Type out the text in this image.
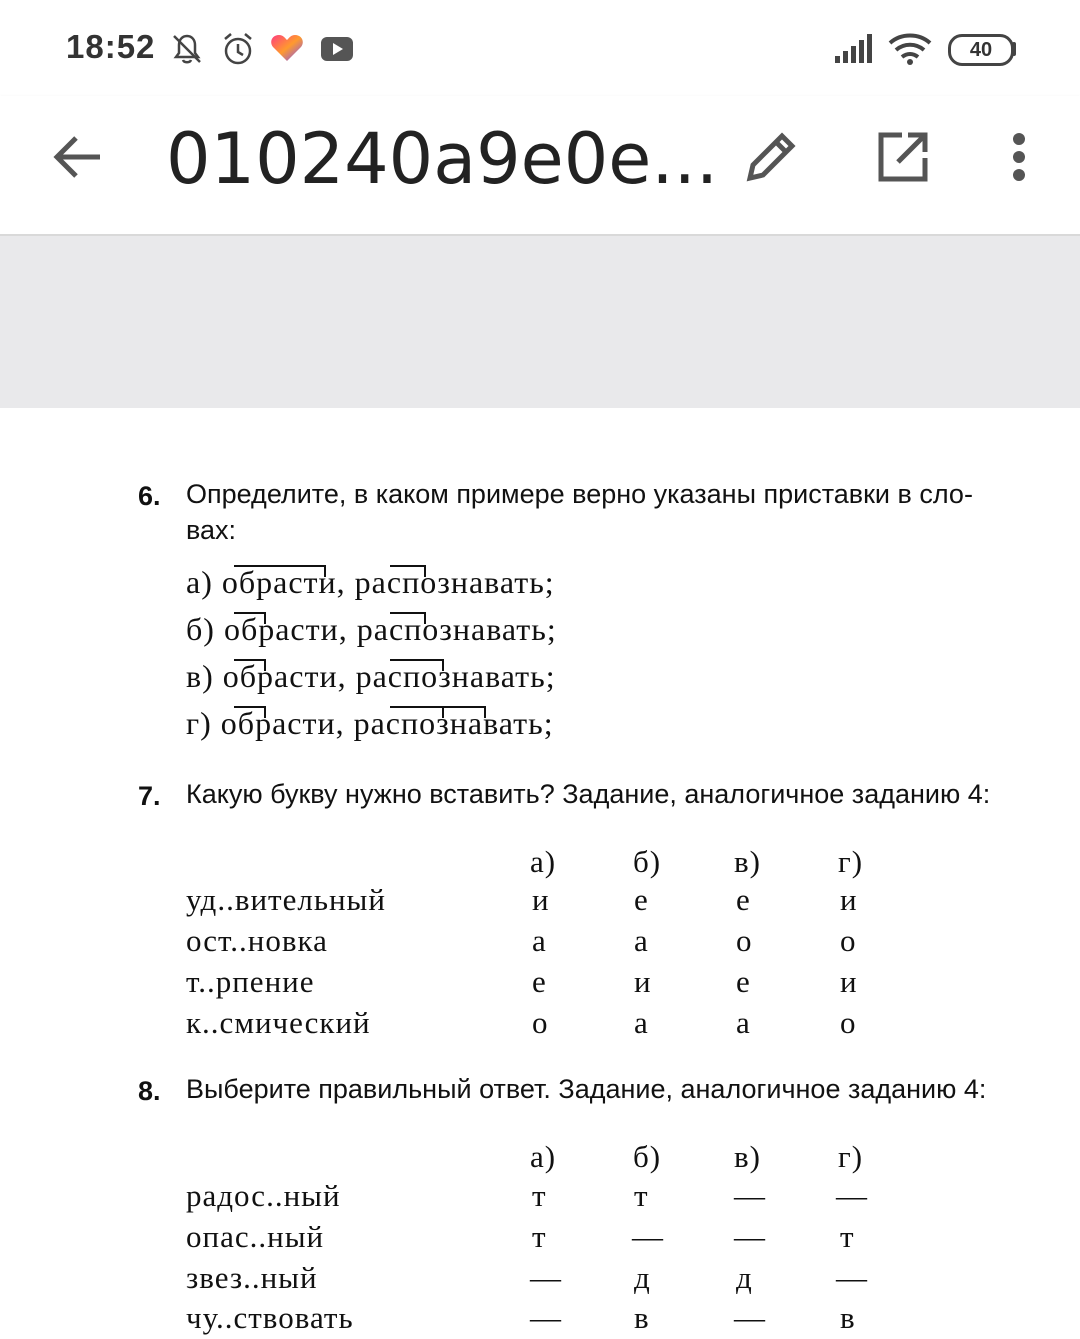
18:52	40
010240a9e0e...
6. Определите, в каком примере верно указаны приставки в сло-
вах:
а) обрасти, распознавать;
б) обрасти, распознавать;
в) обрасти, распознавать;
г) обрасти, распознавать;
7. Какую букву нужно вставить? Задание, аналогичное заданию 4:
а) б) в) г)
уд..вительный	и	е	е	и
ост..новка	а	а	о	о
т..рпение	е	и	е	и
к..смический	о	а	а	о
8. Выберите правильный ответ. Задание, аналогичное заданию 4:
а) б) в) г)
радос..ный	т	т	— —
опас..ный	т	— — т
звез..ный	— д	д	—
чу..ствовать	— в	— в
